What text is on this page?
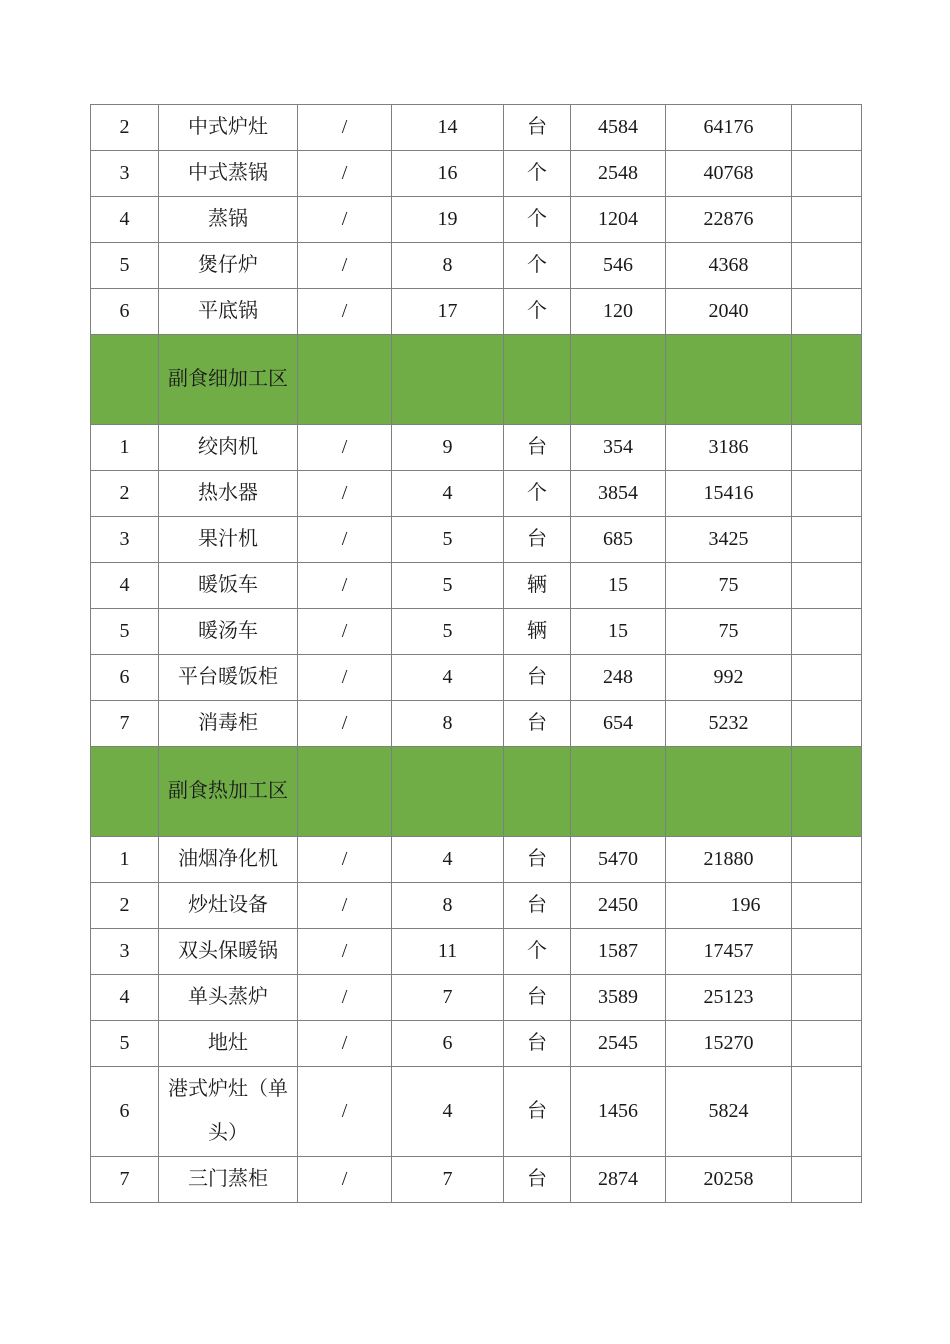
2	中式炉灶	/	14	台	4584	64176	
3	中式蒸锅	/	16	个	2548	40768	
4	蒸锅	/	19	个	1204	22876	
5	煲仔炉	/	8	个	546	4368	
6	平底锅	/	17	个	120	2040	
	副食细加工区						
1	绞肉机	/	9	台	354	3186	
2	热水器	/	4	个	3854	15416	
3	果汁机	/	5	台	685	3425	
4	暖饭车	/	5	辆	15	75	
5	暖汤车	/	5	辆	15	75	
6	平台暖饭柜	/	4	台	248	992	
7	消毒柜	/	8	台	654	5232	
	副食热加工区						
1	油烟净化机	/	4	台	5470	21880	
2	炒灶设备	/	8	台	2450	196	
3	双头保暖锅	/	11	个	1587	17457	
4	单头蒸炉	/	7	台	3589	25123	
5	地灶	/	6	台	2545	15270	
6	港式炉灶（单头）	/	4	台	1456	5824	
7	三门蒸柜	/	7	台	2874	20258	
